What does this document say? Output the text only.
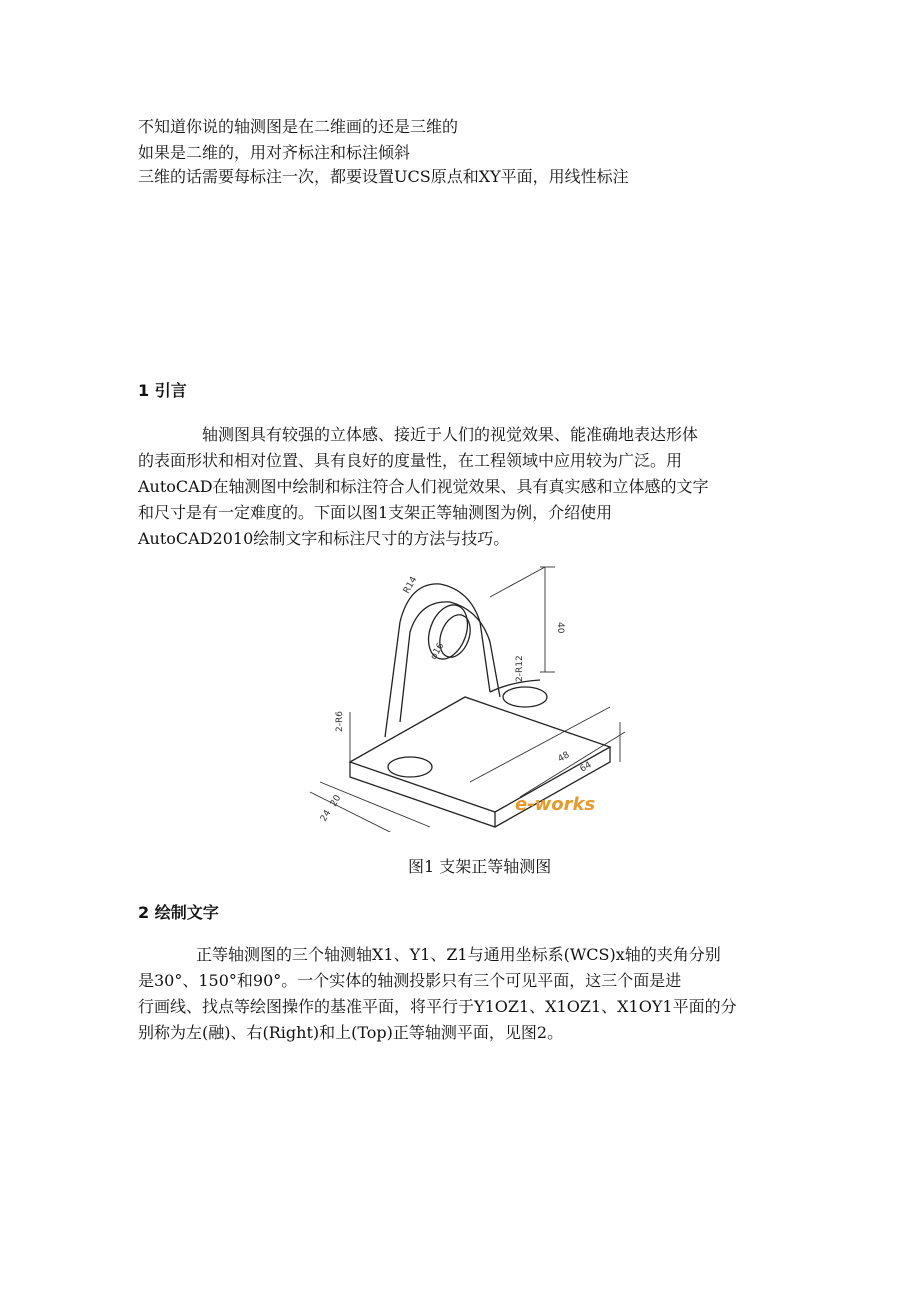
不知道你说的轴测图是在二维画的还是三维的
如果是二维的，用对齐标注和标注倾斜
三维的话需要每标注一次，都要设置UCS原点和XY平面，用线性标注
1 引言
轴测图具有较强的立体感、接近于人们的视觉效果、能准确地表达形体
的表面形状和相对位置、具有良好的度量性，在工程领域中应用较为广泛。用
AutoCAD在轴测图中绘制和标注符合人们视觉效果、具有真实感和立体感的文字
和尺寸是有一定难度的。下面以图1支架正等轴测图为例，介绍使用
AutoCAD2010绘制文字和标注尺寸的方法与技巧。
40
2-R12
2-R6
φ16
R14
20
24
48
64
e-works
图1 支架正等轴测图
2 绘制文字
正等轴测图的三个轴测轴X1、Y1、Z1与通用坐标系(WCS)x轴的夹角分别
是30°、150°和90°。一个实体的轴测投影只有三个可见平面，这三个面是进
行画线、找点等绘图操作的基准平面，将平行于Y1OZ1、X1OZ1、X1OY1平面的分
别称为左(融)、右(Right)和上(Top)正等轴测平面，见图2。
